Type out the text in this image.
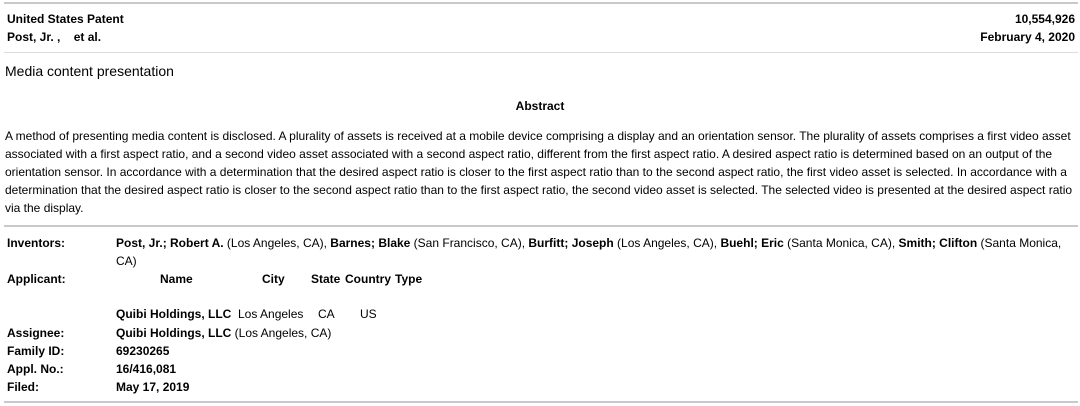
United States Patent
Post, Jr. ,    et al.
10,554,926
February 4, 2020
Media content presentation
Abstract
A method of presenting media content is disclosed. A plurality of assets is received at a mobile device comprising a display and an orientation sensor. The plurality of assets comprises a first video asset associated with a first aspect ratio, and a second video asset associated with a second aspect ratio, different from the first aspect ratio. A desired aspect ratio is determined based on an output of the orientation sensor. In accordance with a determination that the desired aspect ratio is closer to the first aspect ratio than to the second aspect ratio, the first video asset is selected. In accordance with a determination that the desired aspect ratio is closer to the second aspect ratio than to the first aspect ratio, the second video asset is selected. The selected video is presented at the desired aspect ratio via the display.
Inventors:	Post, Jr.; Robert A. (Los Angeles, CA), Barnes; Blake (San Francisco, CA), Burfitt; Joseph (Los Angeles, CA), Buehl; Eric (Santa Monica, CA), Smith; Clifton (Santa Monica, CA)
Applicant:	Name	City State Country Type
Quibi Holdings, LLC Los Angeles CA US
Assignee:	Quibi Holdings, LLC (Los Angeles, CA)
Family ID:	69230265
Appl. No.:	16/416,081
Filed:	May 17, 2019
